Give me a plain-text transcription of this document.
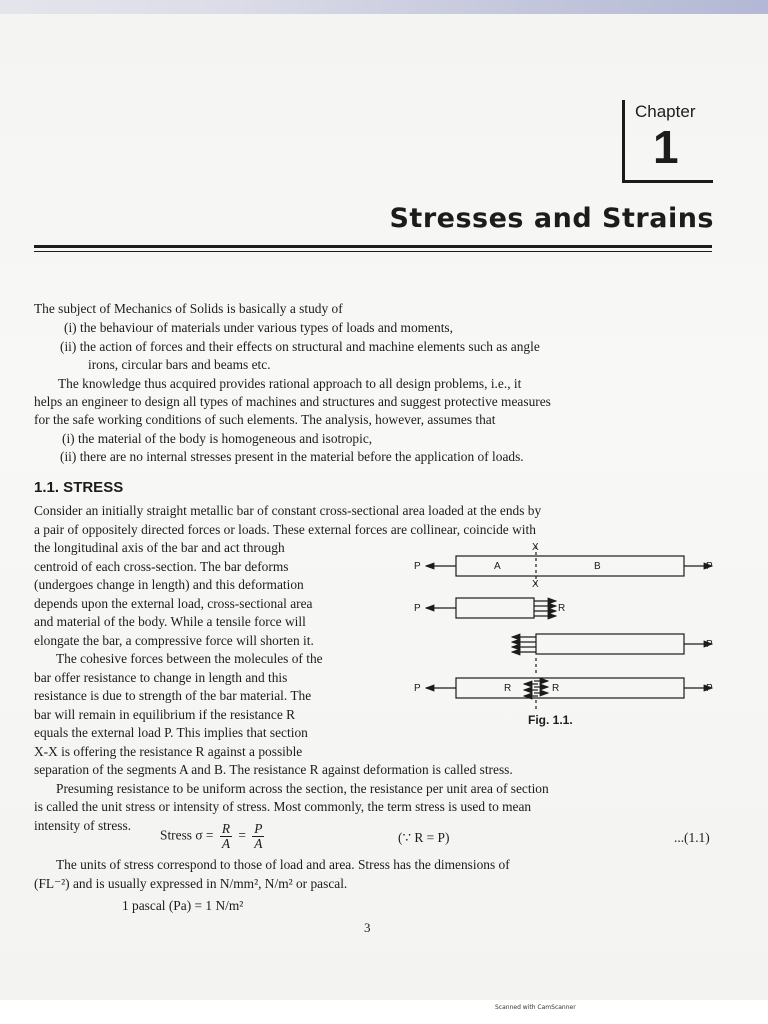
Chapter
1
Stresses and Strains
The subject of Mechanics of Solids is basically a study of
(i) the behaviour of materials under various types of loads and moments,
(ii) the action of forces and their effects on structural and machine elements such as angle
irons, circular bars and beams etc.
The knowledge thus acquired provides rational approach to all design problems, i.e., it
helps an engineer to design all types of machines and structures and suggest protective measures
for the safe working conditions of such elements. The analysis, however, assumes that
(i) the material of the body is homogeneous and isotropic,
(ii) there are no internal stresses present in the material before the application of loads.
1.1. STRESS
Consider an initially straight metallic bar of constant cross-sectional area loaded at the ends by
a pair of oppositely directed forces or loads. These external forces are collinear, coincide with
the longitudinal axis of the bar and act through
centroid of each cross-section. The bar deforms
(undergoes change in length) and this deformation
depends upon the external load, cross-sectional area
and material of the body. While a tensile force will
elongate the bar, a compressive force will shorten it.
The cohesive forces between the molecules of the
bar offer resistance to change in length and this
resistance is due to strength of the bar material. The
bar will remain in equilibrium if the resistance R
equals the external load P. This implies that section
X-X is offering the resistance R against a possible
separation of the segments A and B. The resistance R against deformation is called stress.
Presuming resistance to be uniform across the section, the resistance per unit area of section
is called the unit stress or intensity of stress. Most commonly, the term stress is used to mean
intensity of stress.
P	P
A	B
X
X
P	R
P
P	R	R	P
Fig. 1.1.
Stress $\sigma = \frac{R}{A} = \frac{P}{A}$	(∵ R = P)	...(1.1)
The units of stress correspond to those of load and area. Stress has the dimensions of
(FL⁻²) and is usually expressed in N/mm², N/m² or pascal.
1 pascal (Pa) = 1 N/m²
3
Scanned with CamScanner
